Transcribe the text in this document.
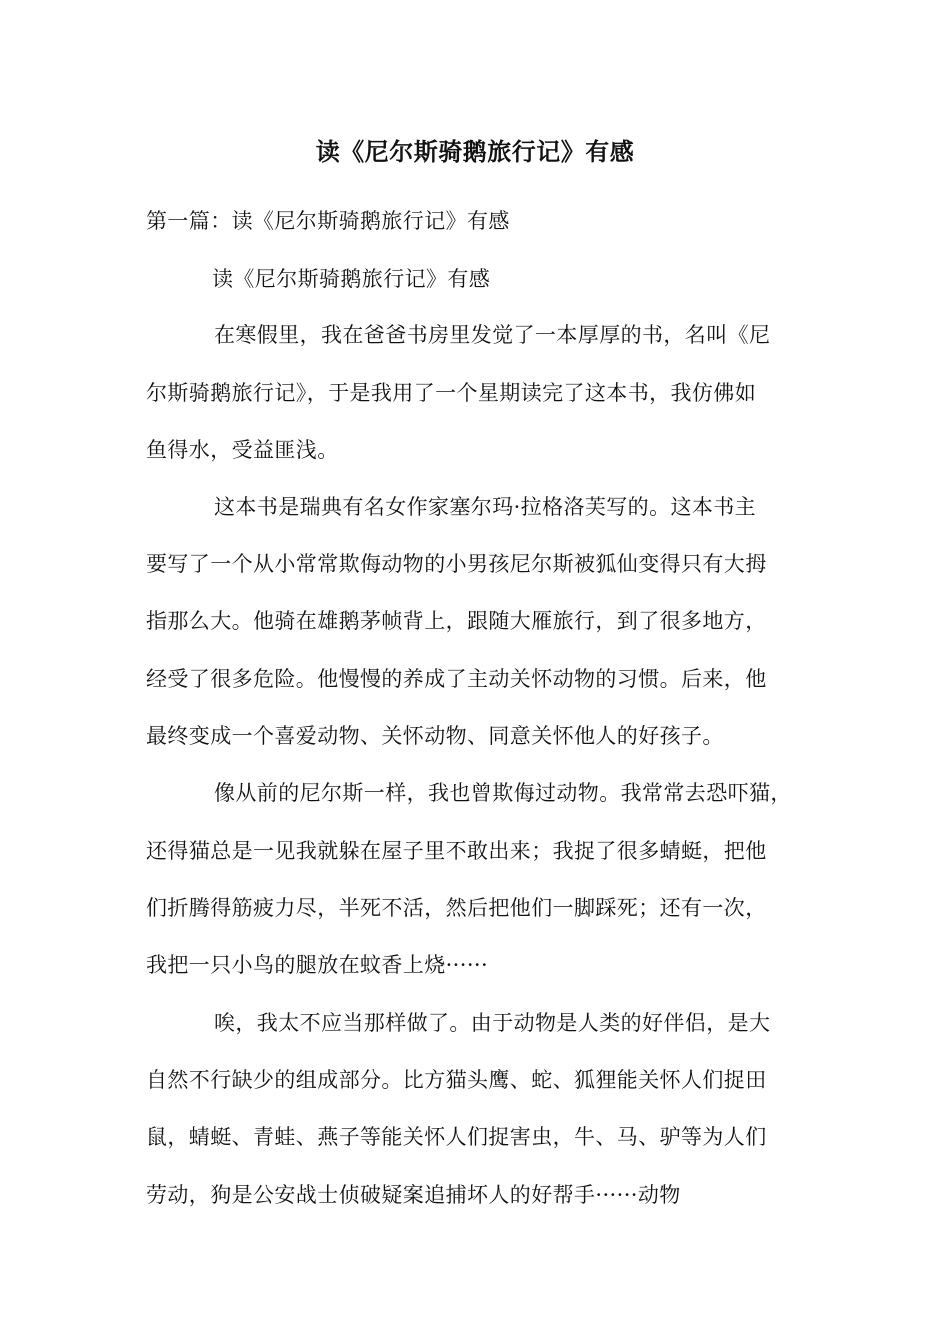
读《尼尔斯骑鹅旅行记》有感
第一篇：读《尼尔斯骑鹅旅行记》有感
读《尼尔斯骑鹅旅行记》有感
在寒假里，我在爸爸书房里发觉了一本厚厚的书，名叫《尼
尔斯骑鹅旅行记》，于是我用了一个星期读完了这本书，我仿佛如
鱼得水，受益匪浅。
这本书是瑞典有名女作家塞尔玛·拉格洛芙写的。这本书主
要写了一个从小常常欺侮动物的小男孩尼尔斯被狐仙变得只有大拇
指那么大。他骑在雄鹅茅帧背上，跟随大雁旅行，到了很多地方，
经受了很多危险。他慢慢的养成了主动关怀动物的习惯。后来，他
最终变成一个喜爱动物、关怀动物、同意关怀他人的好孩子。
像从前的尼尔斯一样，我也曾欺侮过动物。我常常去恐吓猫，
还得猫总是一见我就躲在屋子里不敢出来；我捉了很多蜻蜓，把他
们折腾得筋疲力尽，半死不活，然后把他们一脚踩死；还有一次，
我把一只小鸟的腿放在蚊香上烧······
唉，我太不应当那样做了。由于动物是人类的好伴侣，是大
自然不行缺少的组成部分。比方猫头鹰、蛇、狐狸能关怀人们捉田
鼠，蜻蜓、青蛙、燕子等能关怀人们捉害虫，牛、马、驴等为人们
劳动，狗是公安战士侦破疑案追捕坏人的好帮手······动物
